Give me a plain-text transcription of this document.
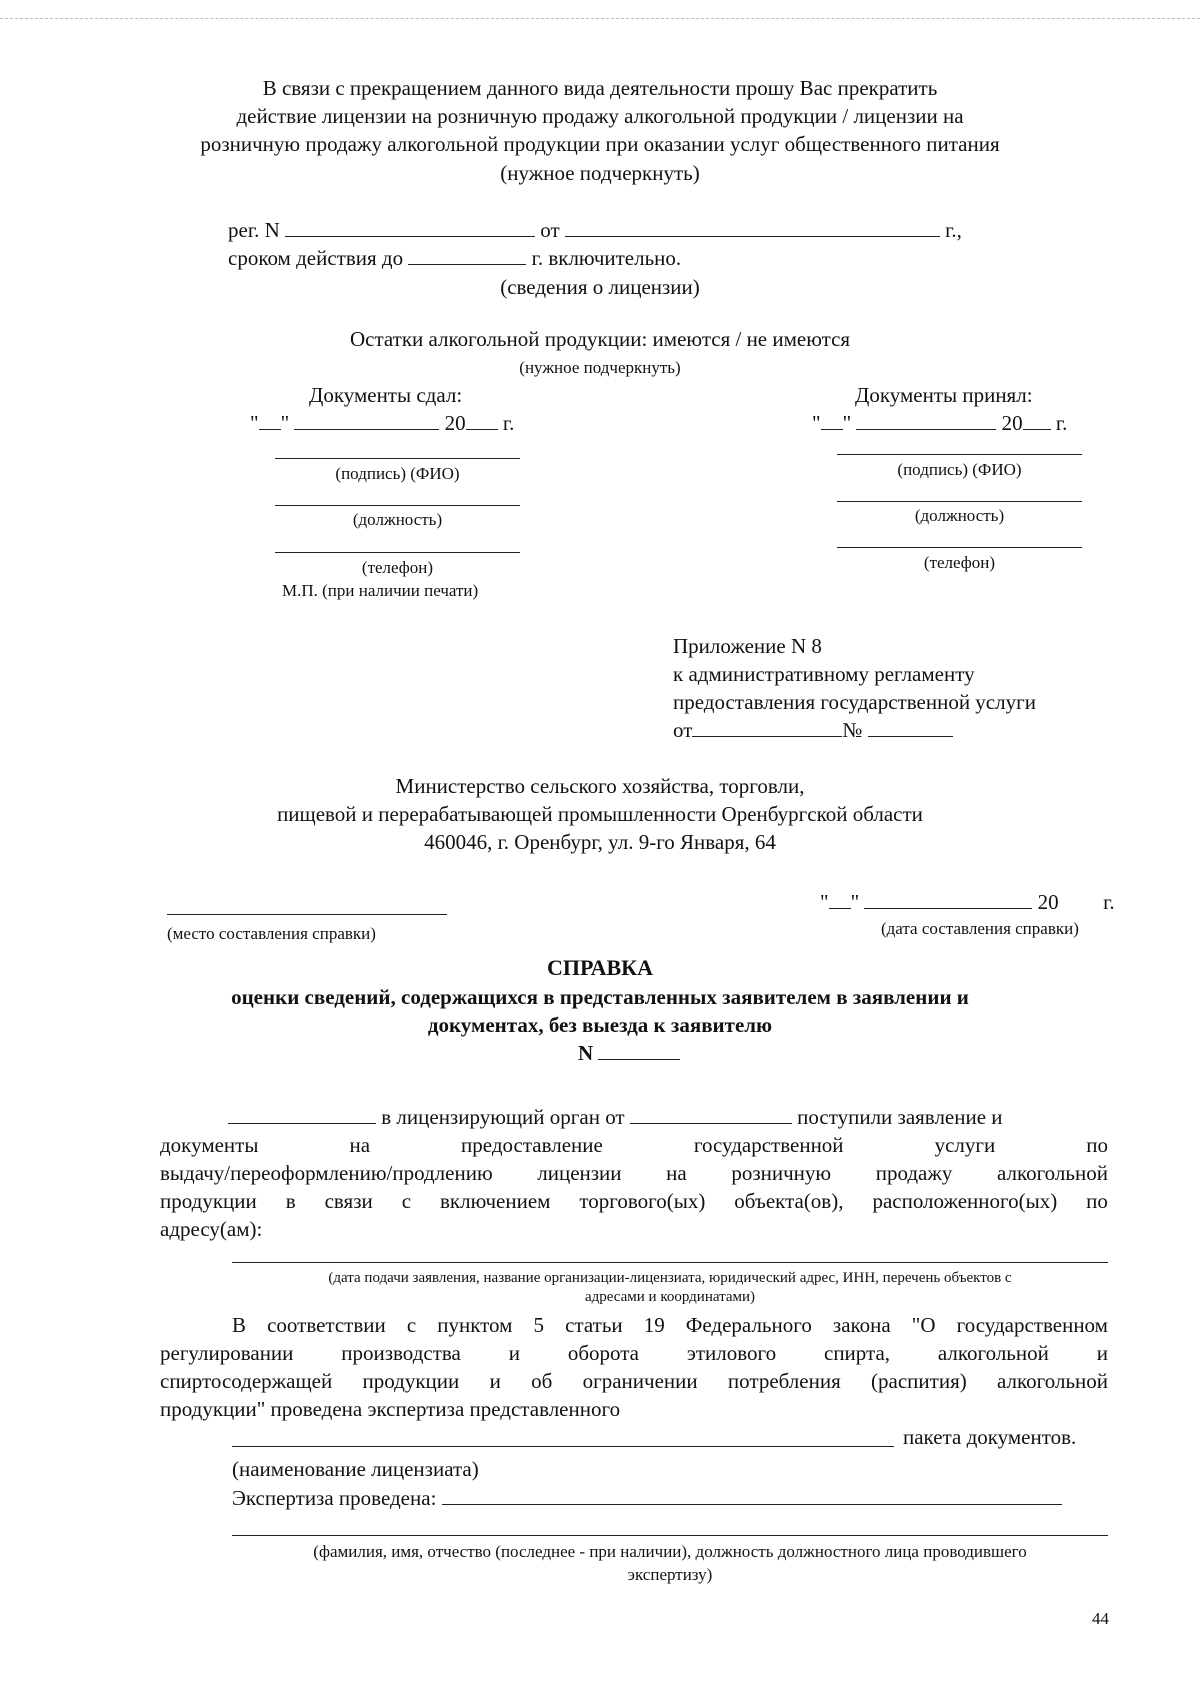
В связи с прекращением данного вида деятельности прошу Вас прекратить
действие лицензии на розничную продажу алкогольной продукции / лицензии на
розничную продажу алкогольной продукции при оказании услуг общественного питания
(нужное подчеркнуть)
рег. N	от	г.,
сроком действия до	г. включительно.
(сведения о лицензии)
Остатки алкогольной продукции: имеются / не имеются
(нужное подчеркнуть)
Документы сдал:
" "	20 г.
(подпись) (ФИО)
(должность)
(телефон)
М.П. (при наличии печати)
Документы принял:
" "	20 г.
(подпись) (ФИО)
(должность)
(телефон)
Приложение N 8
к административному регламенту
предоставления государственной услуги
от	№
Министерство сельского хозяйства, торговли,
пищевой и перерабатывающей промышленности Оренбургской области
460046, г. Оренбург, ул. 9-го Января, 64
(место составления справки)
" "	20 г.
(дата составления справки)
СПРАВКА
оценки сведений, содержащихся в представленных заявителем в заявлении и
документах, без выезда к заявителю
N
в лицензирующий орган от	поступили заявление и
документы	на	предоставление	государственной	услуги	по
выдачу/переоформлению/продлению лицензии на розничную продажу алкогольной
продукции в связи с включением торгового(ых) объекта(ов), расположенного(ых) по
адресу(ам):
(дата подачи заявления, название организации-лицензиата, юридический адрес, ИНН, перечень объектов с
адресами и координатами)
В соответствии с пунктом 5 статьи 19 Федерального закона "О государственном
регулировании производства и оборота этилового спирта, алкогольной и
спиртосодержащей продукции и об ограничении потребления (распития) алкогольной
продукции" проведена экспертиза представленного
пакета документов.
(наименование лицензиата)
Экспертиза проведена:
(фамилия, имя, отчество (последнее - при наличии), должность должностного лица проводившего
экспертизу)
44
